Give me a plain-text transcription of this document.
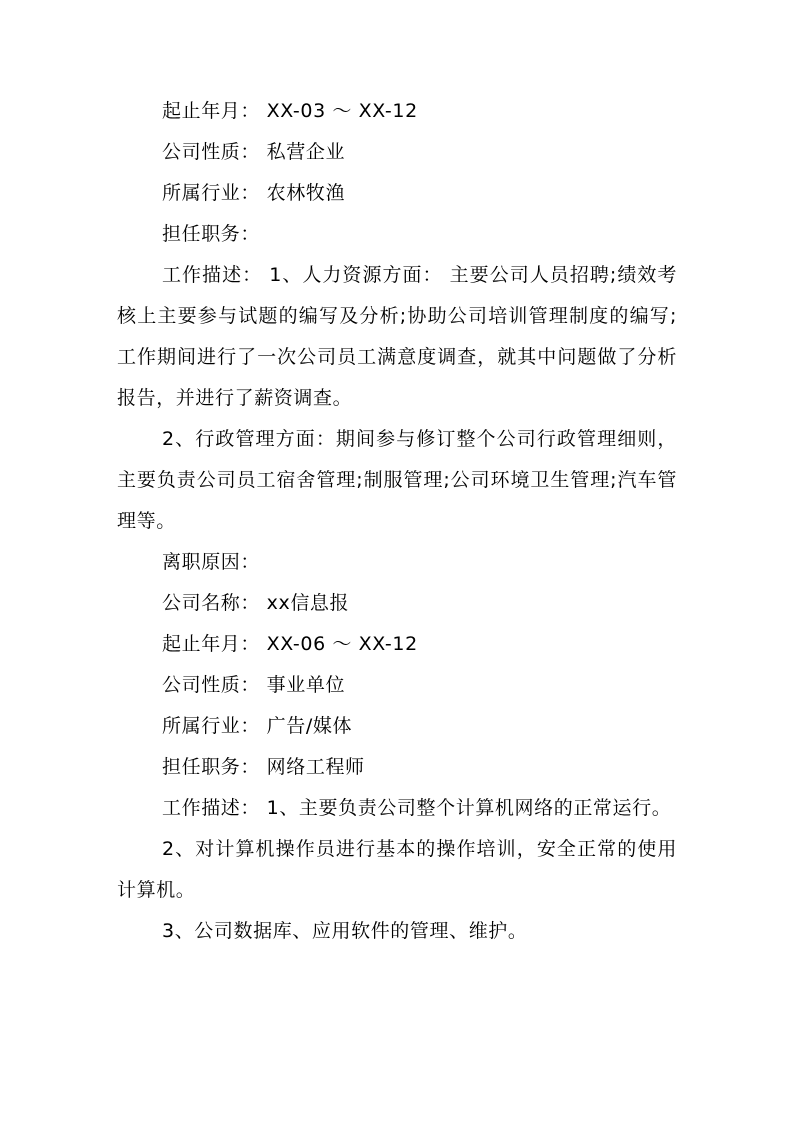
起止年月： XX-03 ～ XX-12

公司性质： 私营企业

所属行业： 农林牧渔

担任职务：

工作描述： 1、人力资源方面： 主要公司人员招聘;绩效考核上主要参与试题的编写及分析;协助公司培训管理制度的编写;工作期间进行了一次公司员工满意度调查，就其中问题做了分析报告，并进行了薪资调查。

2、行政管理方面：期间参与修订整个公司行政管理细则，主要负责公司员工宿舍管理;制服管理;公司环境卫生管理;汽车管理等。

离职原因：

公司名称： xx信息报

起止年月： XX-06 ～ XX-12

公司性质： 事业单位

所属行业： 广告/媒体

担任职务： 网络工程师

工作描述： 1、主要负责公司整个计算机网络的正常运行。

2、对计算机操作员进行基本的操作培训，安全正常的使用计算机。

3、公司数据库、应用软件的管理、维护。
